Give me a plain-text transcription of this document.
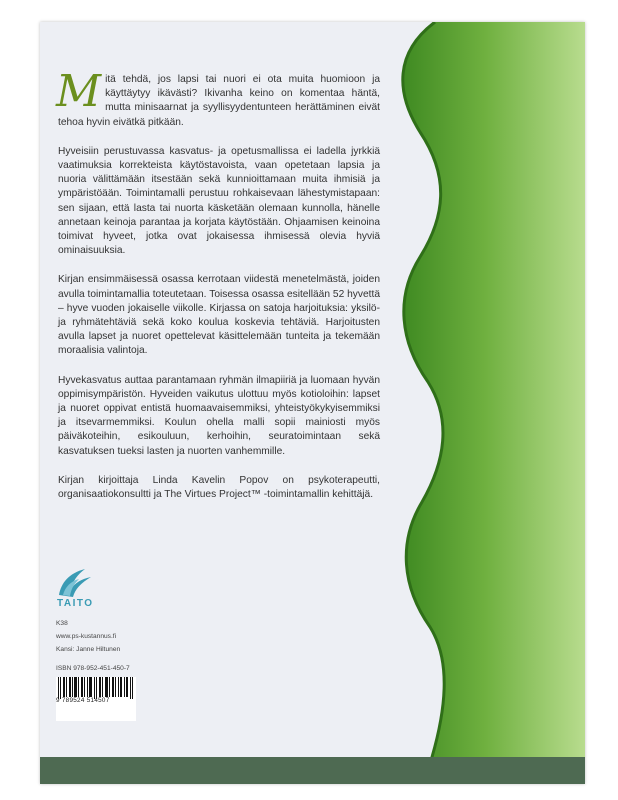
Mitä tehdä, jos lapsi tai nuori ei ota muita huomioon ja käyttäytyy ikävästi? Ikivanha keino on komentaa häntä, mutta minisaarnat ja syyllisyydentunteen herättäminen eivät tehoa hyvin eivätkä pitkään.

Hyveisiin perustuvassa kasvatus- ja opetusmallissa ei ladella jyrkkiä vaatimuksia korrekteista käytöstavoista, vaan opetetaan lapsia ja nuoria välittämään itsestään sekä kunnioittamaan muita ihmisiä ja ympäristöään. Toimintamalli perustuu rohkaisevaan lähestymistapaan: sen sijaan, että lasta tai nuorta käsketään olemaan kunnolla, hänelle annetaan keinoja parantaa ja korjata käytöstään. Ohjaamisen keinoina toimivat hyveet, jotka ovat jokaisessa ihmisessä olevia hyviä ominaisuuksia.

Kirjan ensimmäisessä osassa kerrotaan viidestä menetelmästä, joiden avulla toimintamallia toteutetaan. Toisessa osassa esitellään 52 hyvettä – hyve vuoden jokaiselle viikolle. Kirjassa on satoja harjoituksia: yksilö- ja ryhmätehtäviä sekä koko koulua koskevia tehtäviä. Harjoitusten avulla lapset ja nuoret opettelevat käsittelemään tunteita ja tekemään moraalisia valintoja.

Hyvekasvatus auttaa parantamaan ryhmän ilmapiiriä ja luomaan hyvän oppimisympäristön. Hyveiden vaikutus ulottuu myös kotioloihin: lapset ja nuoret oppivat entistä huomaavaisemmiksi, yhteistyökykyisemmiksi ja itsevarmemmiksi. Koulun ohella malli sopii mainiosti myös päiväkoteihin, esikouluun, kerhoihin, seuratoimintaan sekä kasvatuksen tueksi lasten ja nuorten vanhemmille.

Kirjan kirjoittaja Linda Kavelin Popov on psykoterapeutti, organisaatiokonsultti ja The Virtues Project™ -toimintamallin kehittäjä.

TAITO
K38
www.ps-kustannus.fi
Kansi: Janne Hiltunen
ISBN 978-952-451-450-7
9 789524 514507
